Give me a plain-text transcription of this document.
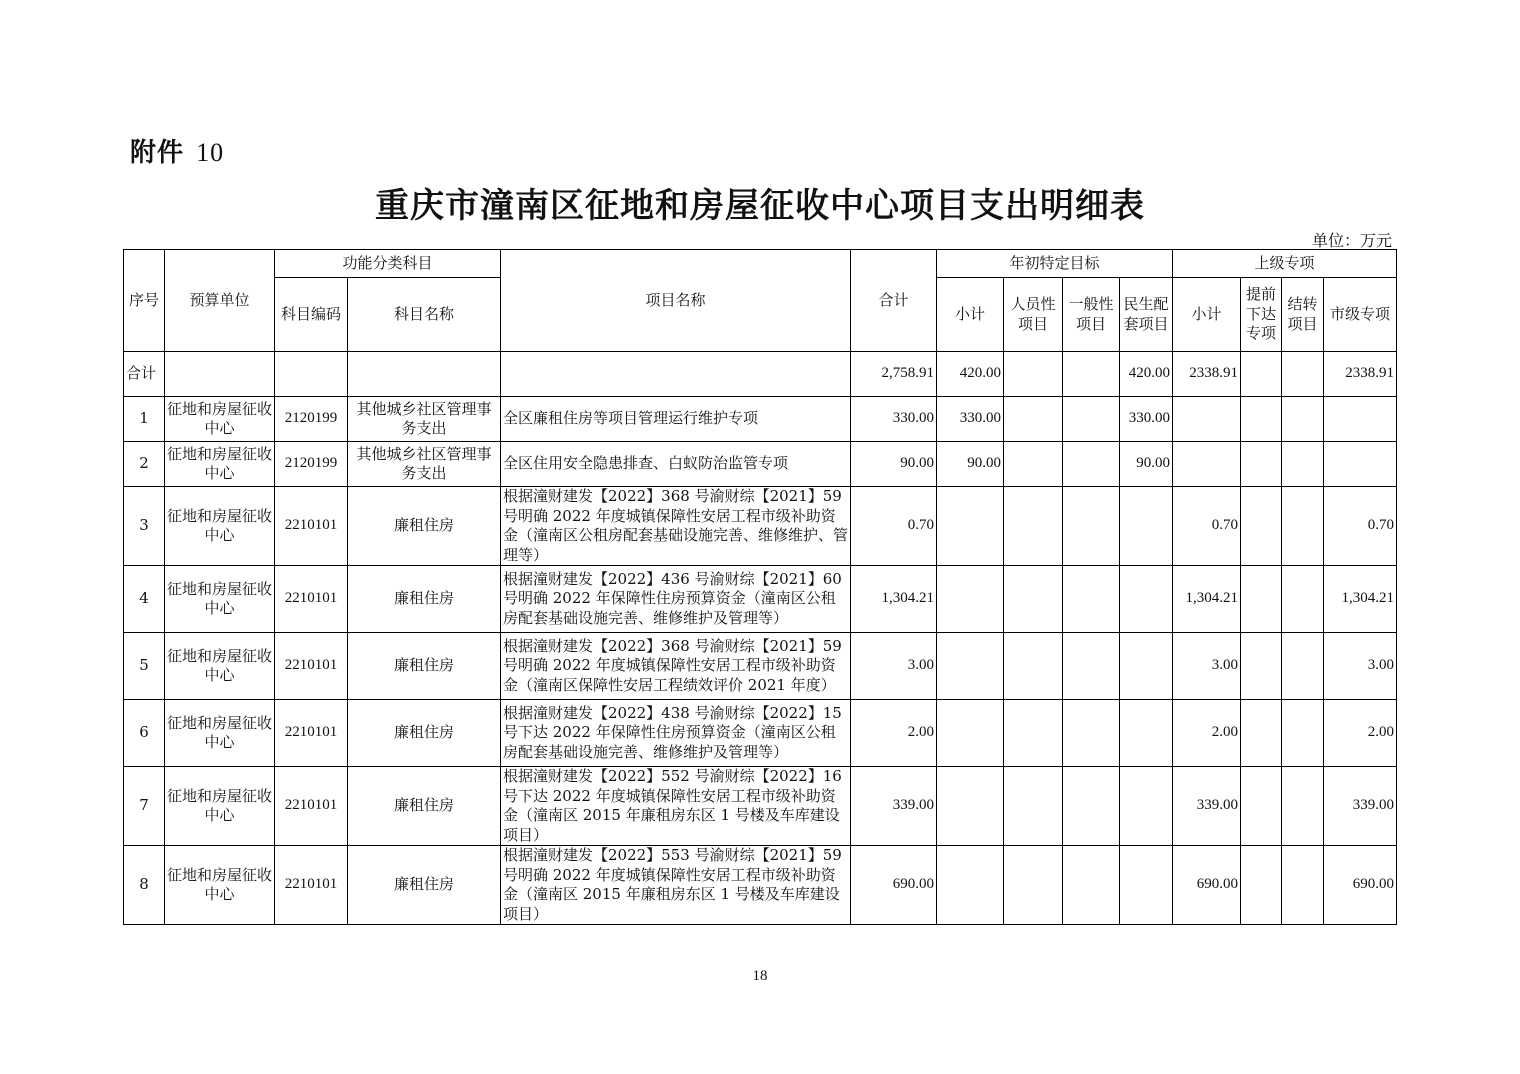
附件 10
重庆市潼南区征地和房屋征收中心项目支出明细表
单位：万元
序号	预算单位	功能分类科目		项目名称	合计	年初特定目标				上级专项			
		科目编码	科目名称			小计	人员性项目	一般性项目	民生配套项目	小计	提前下达专项	结转项目	市级专项
合计					2,758.91	420.00			420.00	2338.91			2338.91
1	征地和房屋征收中心	2120199	其他城乡社区管理事务支出	全区廉租住房等项目管理运行维护专项	330.00	330.00			330.00				
2	征地和房屋征收中心	2120199	其他城乡社区管理事务支出	全区住用安全隐患排查、白蚁防治监管专项	90.00	90.00			90.00				
3	征地和房屋征收中心	2210101	廉租住房	根据潼财建发【2022】368 号渝财综【2021】59 号明确 2022 年度城镇保障性安居工程市级补助资金（潼南区公租房配套基础设施完善、维修维护、管理等）	0.70					0.70			0.70
4	征地和房屋征收中心	2210101	廉租住房	根据潼财建发【2022】436 号渝财综【2021】60 号明确 2022 年保障性住房预算资金（潼南区公租房配套基础设施完善、维修维护及管理等）	1,304.21					1,304.21			1,304.21
5	征地和房屋征收中心	2210101	廉租住房	根据潼财建发【2022】368 号渝财综【2021】59 号明确 2022 年度城镇保障性安居工程市级补助资金（潼南区保障性安居工程绩效评价 2021 年度）	3.00					3.00			3.00
6	征地和房屋征收中心	2210101	廉租住房	根据潼财建发【2022】438 号渝财综【2022】15 号下达 2022 年保障性住房预算资金（潼南区公租房配套基础设施完善、维修维护及管理等）	2.00					2.00			2.00
7	征地和房屋征收中心	2210101	廉租住房	根据潼财建发【2022】552 号渝财综【2022】16 号下达 2022 年度城镇保障性安居工程市级补助资金（潼南区 2015 年廉租房东区 1 号楼及车库建设项目）	339.00					339.00			339.00
8	征地和房屋征收中心	2210101	廉租住房	根据潼财建发【2022】553 号渝财综【2021】59 号明确 2022 年度城镇保障性安居工程市级补助资金（潼南区 2015 年廉租房东区 1 号楼及车库建设项目）	690.00					690.00			690.00
18
